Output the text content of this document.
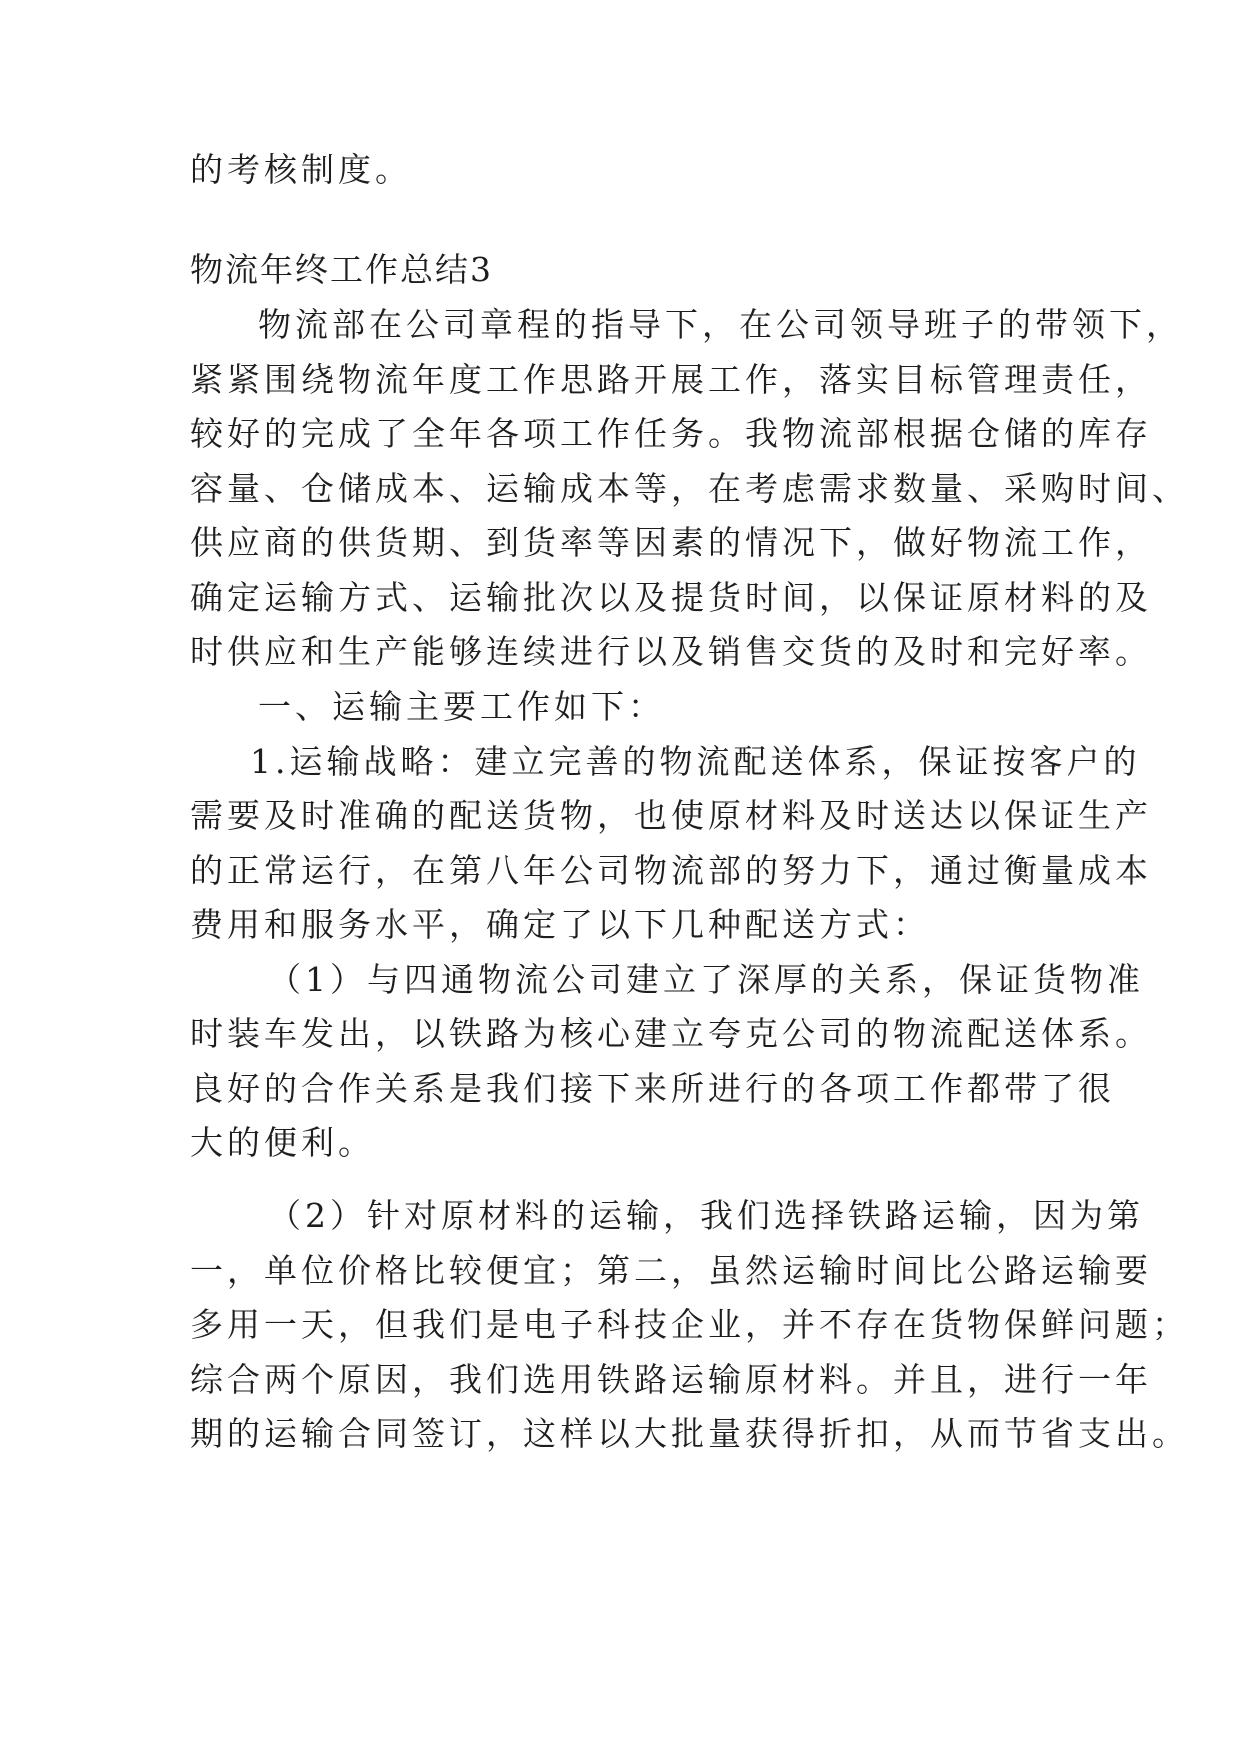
的考核制度。
物流年终工作总结3
物流部在公司章程的指导下，在公司领导班子的带领下，
紧紧围绕物流年度工作思路开展工作，落实目标管理责任，
较好的完成了全年各项工作任务。我物流部根据仓储的库存
容量、仓储成本、运输成本等，在考虑需求数量、采购时间、
供应商的供货期、到货率等因素的情况下，做好物流工作，
确定运输方式、运输批次以及提货时间，以保证原材料的及
时供应和生产能够连续进行以及销售交货的及时和完好率。
一、运输主要工作如下：
1.运输战略：建立完善的物流配送体系，保证按客户的
需要及时准确的配送货物，也使原材料及时送达以保证生产
的正常运行，在第八年公司物流部的努力下，通过衡量成本
费用和服务水平，确定了以下几种配送方式：
（1）与四通物流公司建立了深厚的关系，保证货物准
时装车发出，以铁路为核心建立夸克公司的物流配送体系。
良好的合作关系是我们接下来所进行的各项工作都带了很
大的便利。
（2）针对原材料的运输，我们选择铁路运输，因为第
一，单位价格比较便宜；第二，虽然运输时间比公路运输要
多用一天，但我们是电子科技企业，并不存在货物保鲜问题；
综合两个原因，我们选用铁路运输原材料。并且，进行一年
期的运输合同签订，这样以大批量获得折扣，从而节省支出。
